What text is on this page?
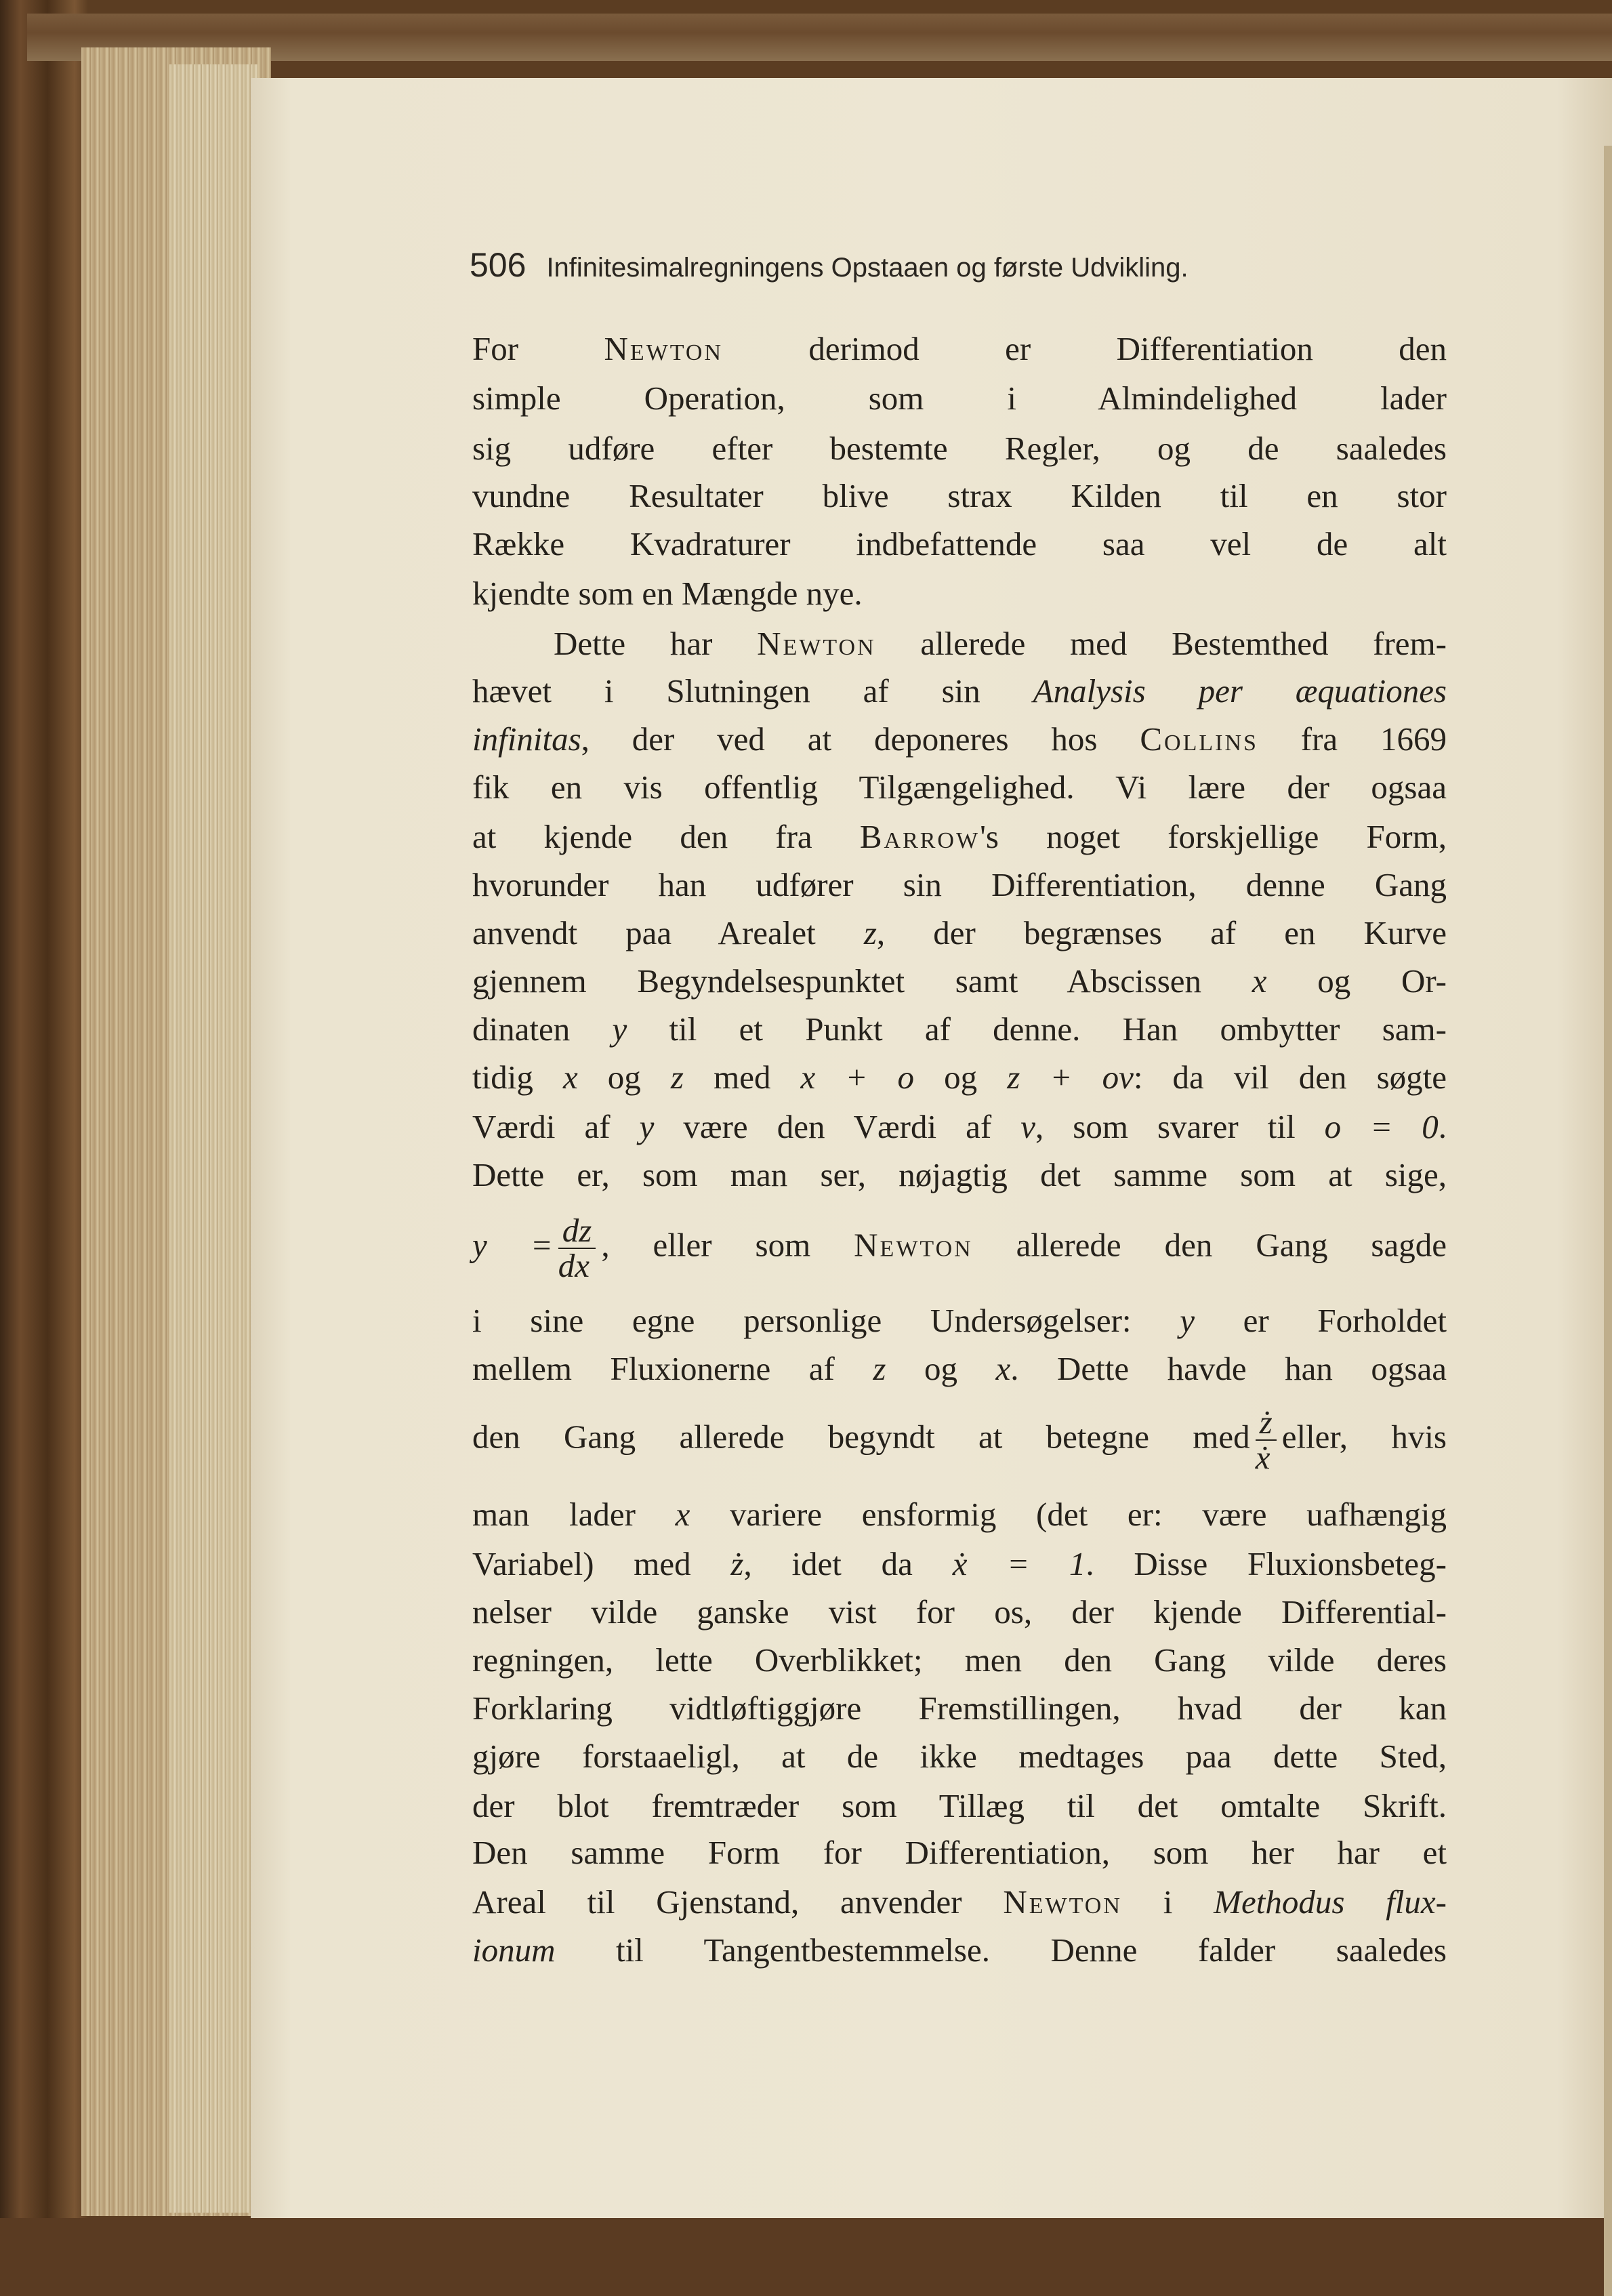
506 Infinitesimalregningens Opstaaen og første Udvikling.
For Newton derimod er Differentiation den
simple Operation, som i Almindelighed lader
sig udføre efter bestemte Regler, og de saaledes
vundne Resultater blive strax Kilden til en stor
Række Kvadraturer indbefattende saa vel de alt
kjendte som en Mængde nye.
Dette har Newton allerede med Bestemthed frem-
hævet i Slutningen af sin Analysis per æquationes
infinitas, der ved at deponeres hos Collins fra 1669
fik en vis offentlig Tilgængelighed. Vi lære der ogsaa
at kjende den fra Barrow's noget forskjellige Form,
hvorunder han udfører sin Differentiation, denne Gang
anvendt paa Arealet z, der begrænses af en Kurve
gjennem Begyndelsespunktet samt Abscissen x og Or-
dinaten y til et Punkt af denne. Han ombytter sam-
tidig x og z med x + o og z + ov: da vil den søgte
Værdi af y være den Værdi af v, som svarer til o = 0.
Dette er, som man ser, nøjagtig det samme som at sige,
$y = \frac{dz}{dx}$ , eller som Newton allerede den Gang sagde
i sine egne personlige Undersøgelser: y er Forholdet
mellem Fluxionerne af z og x. Dette havde han ogsaa
den Gang allerede begyndt at betegne med $\frac{ż}{\text{ẋ}}$ eller, hvis
man lader x variere ensformig (det er: være uafhængig
Variabel) med ż, idet da ẋ = 1. Disse Fluxionsbeteg-
nelser vilde ganske vist for os, der kjende Differential-
regningen, lette Overblikket; men den Gang vilde deres
Forklaring vidtløftiggjøre Fremstillingen, hvad der kan
gjøre forstaaeligl, at de ikke medtages paa dette Sted,
der blot fremtræder som Tillæg til det omtalte Skrift.
Den samme Form for Differentiation, som her har et
Areal til Gjenstand, anvender Newton i Methodus flux-
ionum til Tangentbestemmelse. Denne falder saaledes
